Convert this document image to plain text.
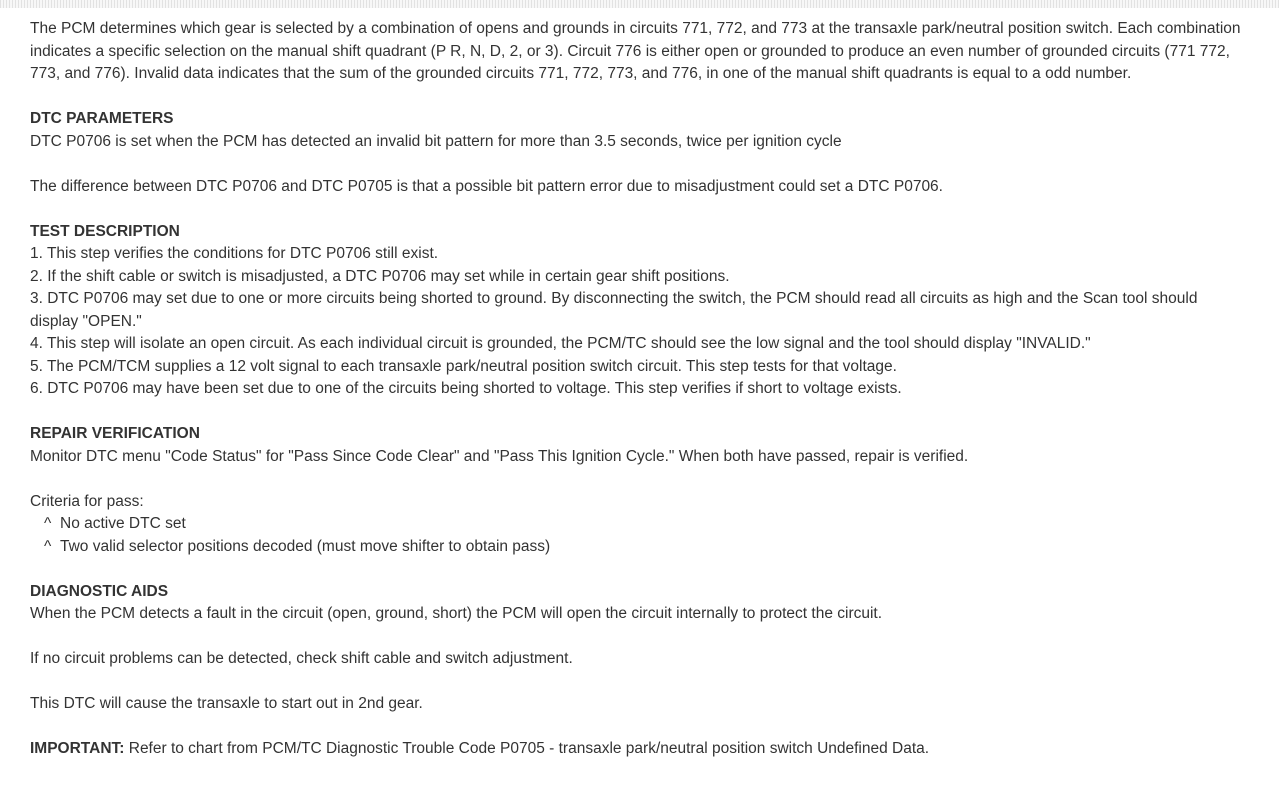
The PCM determines which gear is selected by a combination of opens and grounds in circuits 771, 772, and 773 at the transaxle park/neutral position switch. Each combination indicates a specific selection on the manual shift quadrant (P R, N, D, 2, or 3). Circuit 776 is either open or grounded to produce an even number of grounded circuits (771 772, 773, and 776). Invalid data indicates that the sum of the grounded circuits 771, 772, 773, and 776, in one of the manual shift quadrants is equal to a odd number.

DTC PARAMETERS

DTC P0706 is set when the PCM has detected an invalid bit pattern for more than 3.5 seconds, twice per ignition cycle

The difference between DTC P0706 and DTC P0705 is that a possible bit pattern error due to misadjustment could set a DTC P0706.

TEST DESCRIPTION

1. This step verifies the conditions for DTC P0706 still exist.
2. If the shift cable or switch is misadjusted, a DTC P0706 may set while in certain gear shift positions.
3. DTC P0706 may set due to one or more circuits being shorted to ground. By disconnecting the switch, the PCM should read all circuits as high and the Scan tool should display "OPEN."
4. This step will isolate an open circuit. As each individual circuit is grounded, the PCM/TC should see the low signal and the tool should display "INVALID."
5. The PCM/TCM supplies a 12 volt signal to each transaxle park/neutral position switch circuit. This step tests for that voltage.
6. DTC P0706 may have been set due to one of the circuits being shorted to voltage. This step verifies if short to voltage exists.

REPAIR VERIFICATION

Monitor DTC menu "Code Status" for "Pass Since Code Clear" and "Pass This Ignition Cycle." When both have passed, repair is verified.

Criteria for pass:

^ No active DTC set
^ Two valid selector positions decoded (must move shifter to obtain pass)

DIAGNOSTIC AIDS

When the PCM detects a fault in the circuit (open, ground, short) the PCM will open the circuit internally to protect the circuit.

If no circuit problems can be detected, check shift cable and switch adjustment.

This DTC will cause the transaxle to start out in 2nd gear.

IMPORTANT: Refer to chart from PCM/TC Diagnostic Trouble Code P0705 - transaxle park/neutral position switch Undefined Data.
